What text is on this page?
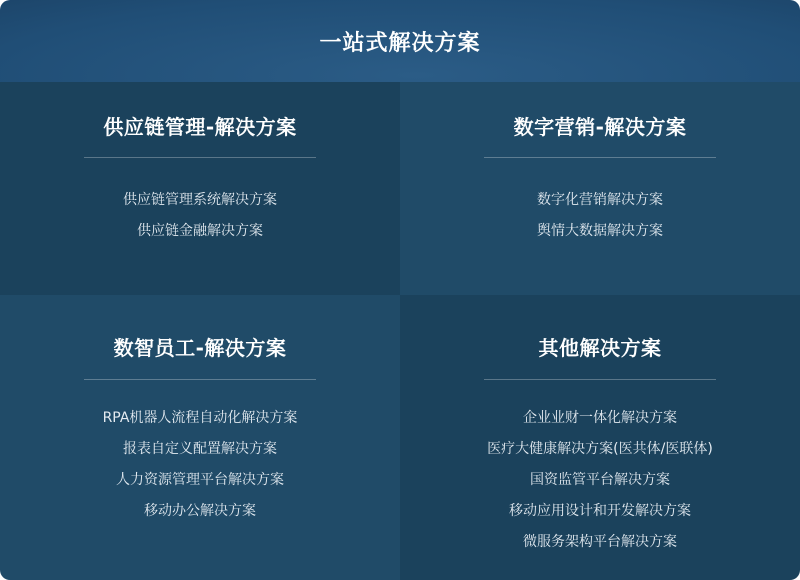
一站式解决方案
供应链管理-解决方案
供应链管理系统解决方案
供应链金融解决方案
数字营销-解决方案
数字化营销解决方案
舆情大数据解决方案
数智员工-解决方案
RPA机器人流程自动化解决方案
报表自定义配置解决方案
人力资源管理平台解决方案
移动办公解决方案
其他解决方案
企业业财一体化解决方案
医疗大健康解决方案(医共体/医联体)
国资监管平台解决方案
移动应用设计和开发解决方案
微服务架构平台解决方案
